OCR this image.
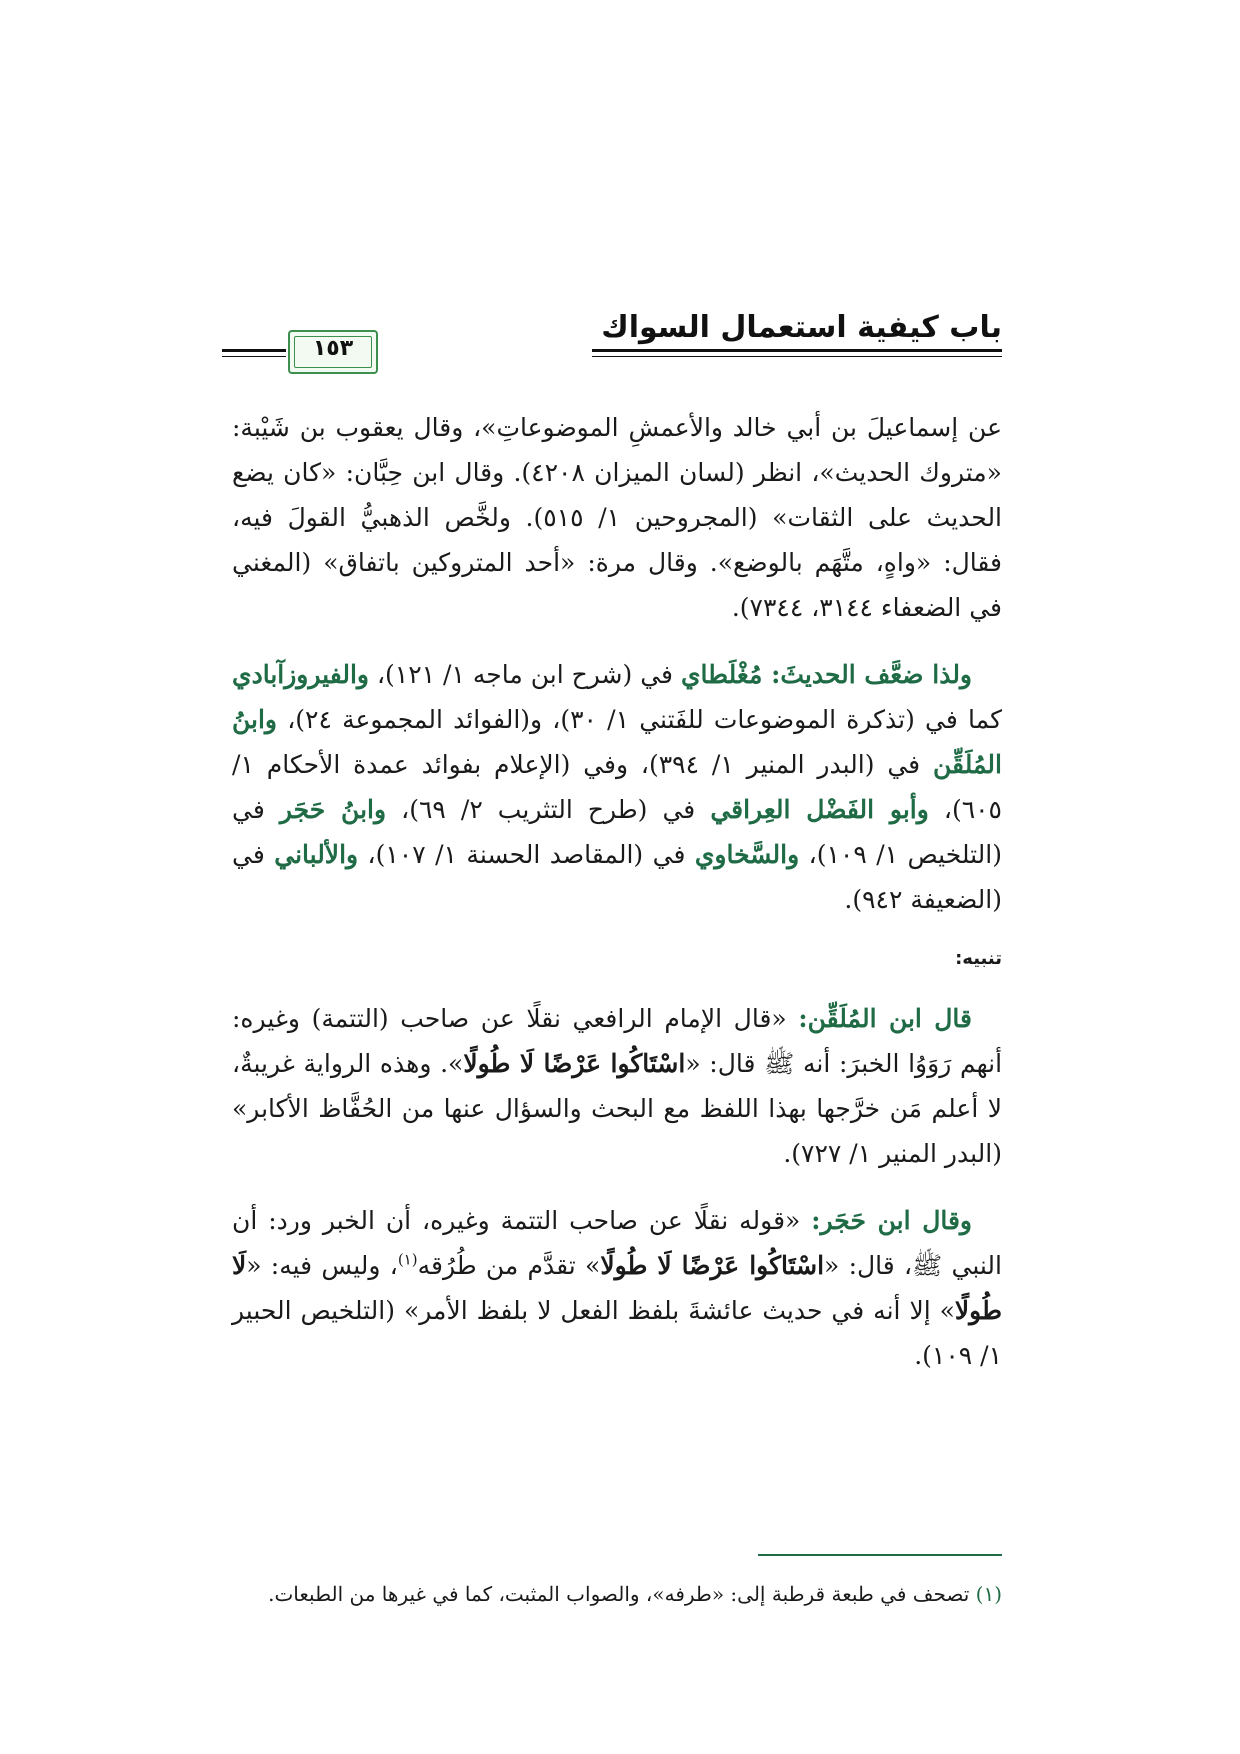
باب كيفية استعمال السواك
١٥٣

عن إسماعيلَ بن أبي خالد والأعمشِ الموضوعاتِ»، وقال يعقوب بن شَيْبة: «متروك الحديث»، انظر (لسان الميزان ٤٢٠٨). وقال ابن حِبَّان: «كان يضع الحديث على الثقات» (المجروحين ١/ ٥١٥). ولخَّص الذهبيُّ القولَ فيه، فقال: «واهٍ، متَّهَم بالوضع». وقال مرة: «أحد المتروكين باتفاق» (المغني في الضعفاء ٣١٤٤، ٧٣٤٤).

ولذا ضعَّف الحديثَ: مُغْلَطاي في (شرح ابن ماجه ١/ ١٢١)، والفيروزآبادي كما في (تذكرة الموضوعات للفَتني ١/ ٣٠)، و(الفوائد المجموعة ٢٤)، وابنُ المُلَقِّن في (البدر المنير ١/ ٣٩٤)، وفي (الإعلام بفوائد عمدة الأحكام ١/ ٦٠٥)، وأبو الفَضْل العِراقي في (طرح التثريب ٢/ ٦٩)، وابنُ حَجَر في (التلخيص ١/ ١٠٩)، والسَّخاوي في (المقاصد الحسنة ١/ ١٠٧)، والألباني في (الضعيفة ٩٤٢).

تنبيه:

قال ابن المُلَقِّن: «قال الإمام الرافعي نقلًا عن صاحب (التتمة) وغيره: أنهم رَوَوُا الخبرَ: أنه ﷺ قال: «اسْتَاكُوا عَرْضًا لَا طُولًا». وهذه الرواية غريبةٌ، لا أعلم مَن خرَّجها بهذا اللفظ مع البحث والسؤال عنها من الحُفَّاظ الأكابر» (البدر المنير ١/ ٧٢٧).

وقال ابن حَجَر: «قوله نقلًا عن صاحب التتمة وغيره، أن الخبر ورد: أن النبي ﷺ، قال: «اسْتَاكُوا عَرْضًا لَا طُولًا» تقدَّم من طُرُقه$^{(١)}$، وليس فيه: «لَا طُولًا» إلا أنه في حديث عائشةَ بلفظ الفعل لا بلفظ الأمر» (التلخيص الحبير ١/ ١٠٩).

(١) تصحف في طبعة قرطبة إلى: «طرفه»، والصواب المثبت، كما في غيرها من الطبعات.
